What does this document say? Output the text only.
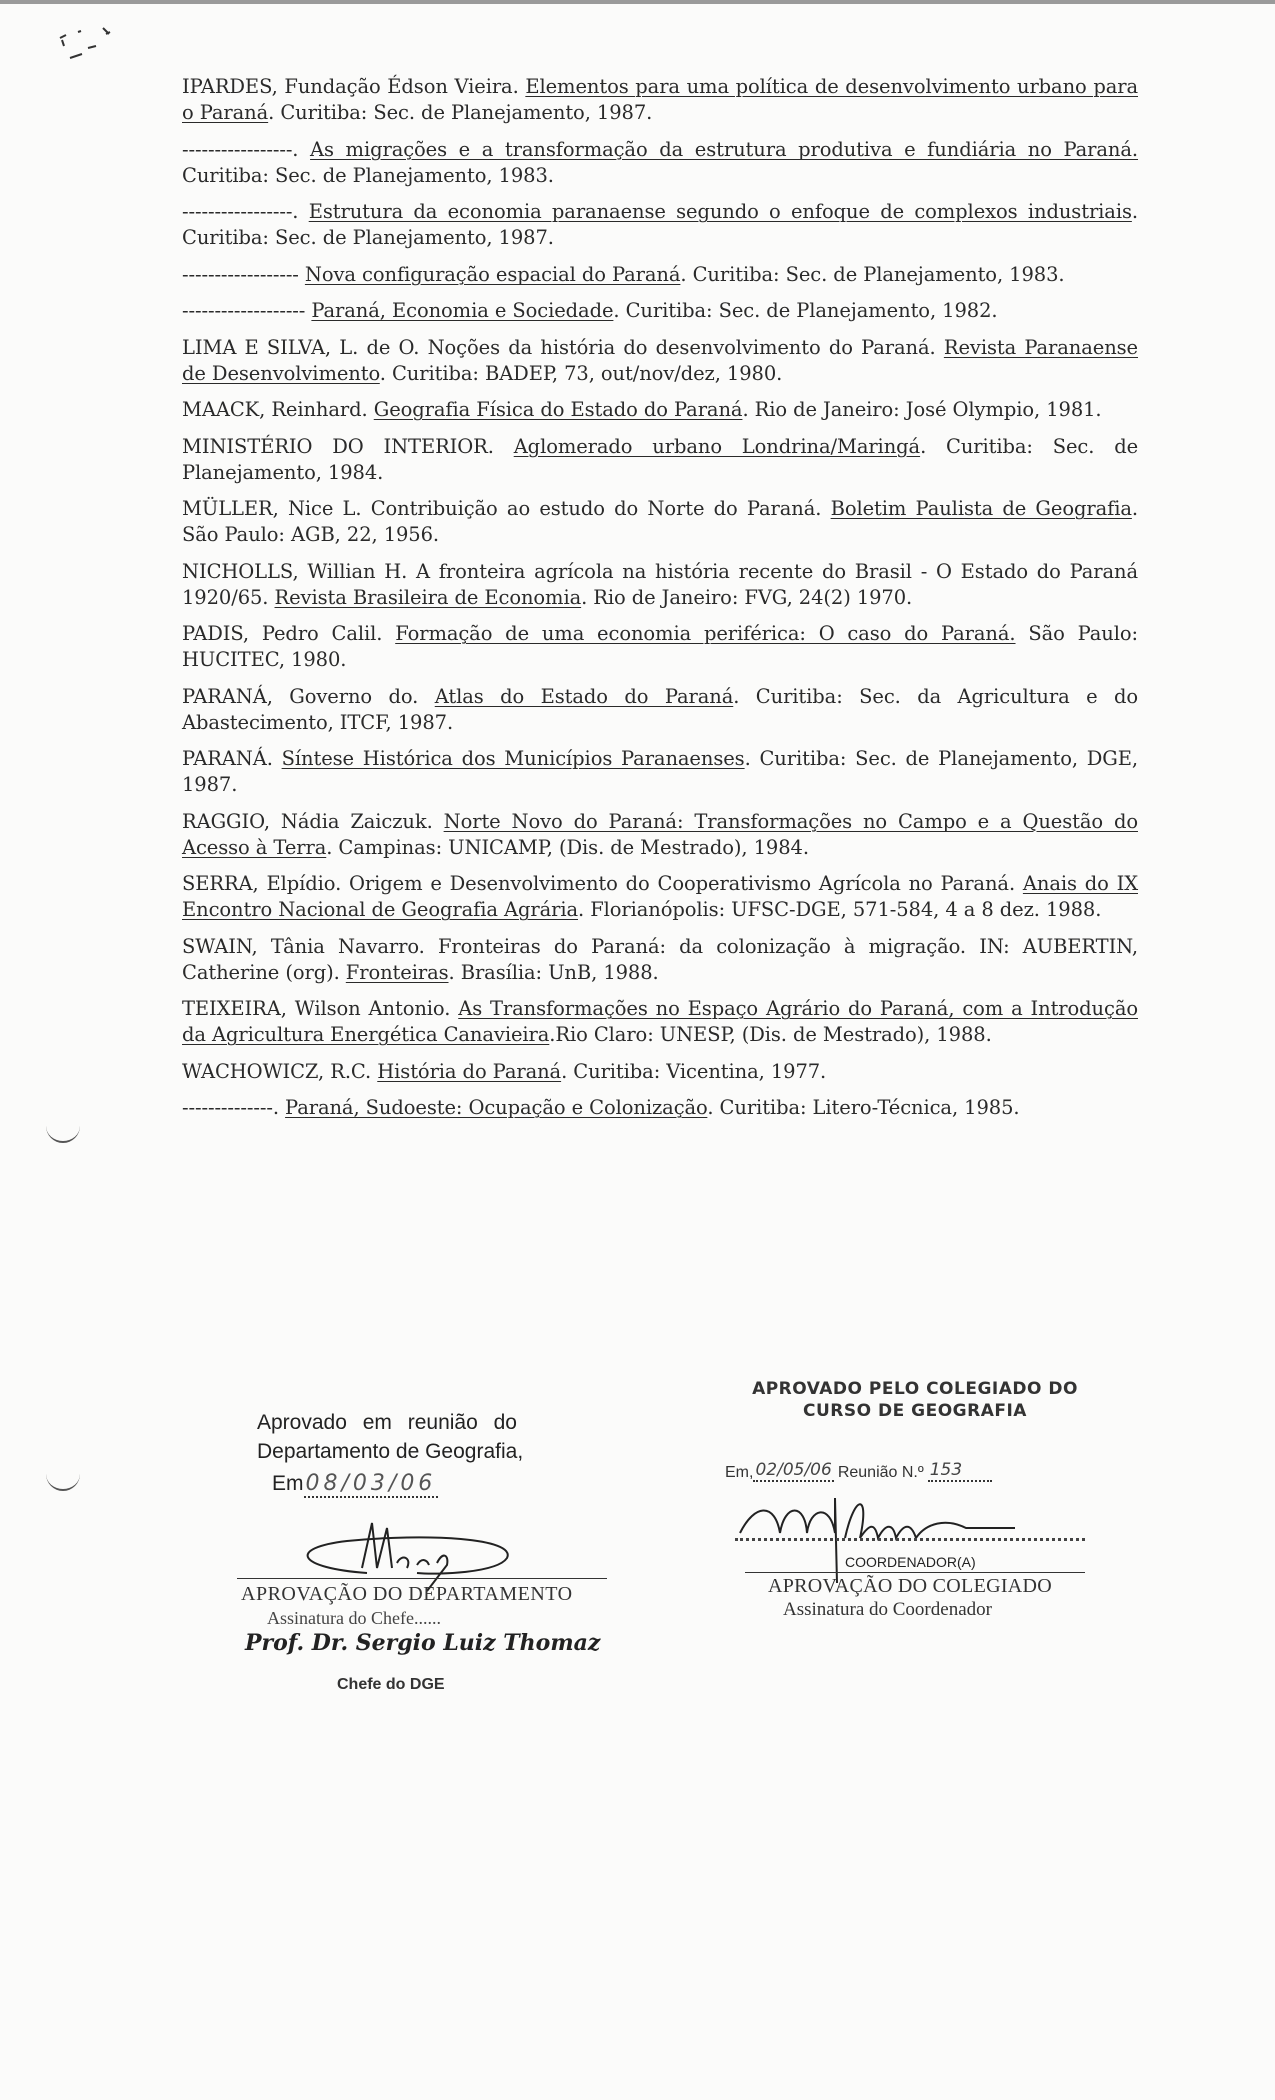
IPARDES, Fundação Édson Vieira. Elementos para uma política de desenvolvimento urbano para o Paraná. Curitiba: Sec. de Planejamento, 1987.

-----------------. As migrações e a transformação da estrutura produtiva e fundiária no Paraná. Curitiba: Sec. de Planejamento, 1983.

-----------------. Estrutura da economia paranaense segundo o enfoque de complexos industriais. Curitiba: Sec. de Planejamento, 1987.

------------------ Nova configuração espacial do Paraná. Curitiba: Sec. de Planejamento, 1983.

------------------- Paraná, Economia e Sociedade. Curitiba: Sec. de Planejamento, 1982.

LIMA E SILVA, L. de O. Noções da história do desenvolvimento do Paraná. Revista Paranaense de Desenvolvimento. Curitiba: BADEP, 73, out/nov/dez, 1980.

MAACK, Reinhard. Geografia Física do Estado do Paraná. Rio de Janeiro: José Olympio, 1981.

MINISTÉRIO DO INTERIOR. Aglomerado urbano Londrina/Maringá. Curitiba: Sec. de Planejamento, 1984.

MÜLLER, Nice L. Contribuição ao estudo do Norte do Paraná. Boletim Paulista de Geografia. São Paulo: AGB, 22, 1956.

NICHOLLS, Willian H. A fronteira agrícola na história recente do Brasil - O Estado do Paraná 1920/65. Revista Brasileira de Economia. Rio de Janeiro: FVG, 24(2) 1970.

PADIS, Pedro Calil. Formação de uma economia periférica: O caso do Paraná. São Paulo: HUCITEC, 1980.

PARANÁ, Governo do. Atlas do Estado do Paraná. Curitiba: Sec. da Agricultura e do Abastecimento, ITCF, 1987.

PARANÁ. Síntese Histórica dos Municípios Paranaenses. Curitiba: Sec. de Planejamento, DGE, 1987.

RAGGIO, Nádia Zaiczuk. Norte Novo do Paraná: Transformações no Campo e a Questão do Acesso à Terra. Campinas: UNICAMP, (Dis. de Mestrado), 1984.

SERRA, Elpídio. Origem e Desenvolvimento do Cooperativismo Agrícola no Paraná. Anais do IX Encontro Nacional de Geografia Agrária. Florianópolis: UFSC-DGE, 571-584, 4 a 8 dez. 1988.

SWAIN, Tânia Navarro. Fronteiras do Paraná: da colonização à migração. IN: AUBERTIN, Catherine (org). Fronteiras. Brasília: UnB, 1988.

TEIXEIRA, Wilson Antonio. As Transformações no Espaço Agrário do Paraná, com a Introdução da Agricultura Energética Canavieira.Rio Claro: UNESP, (Dis. de Mestrado), 1988.

WACHOWICZ, R.C. História do Paraná. Curitiba: Vicentina, 1977.

--------------. Paraná, Sudoeste: Ocupação e Colonização. Curitiba: Litero-Técnica, 1985.

Aprovado em reunião do
Departamento de Geografia,
Em 08/03/06
APROVAÇÃO DO DEPARTAMENTO
Assinatura do Chefe......
Prof. Dr. Sergio Luiz Thomaz
Chefe do DGE
APROVADO PELO COLEGIADO DO
CURSO DE GEOGRAFIA
Em, 02/05/06 Reunião N.º 153
COORDENADOR(A)
APROVAÇÃO DO COLEGIADO
Assinatura do Coordenador
